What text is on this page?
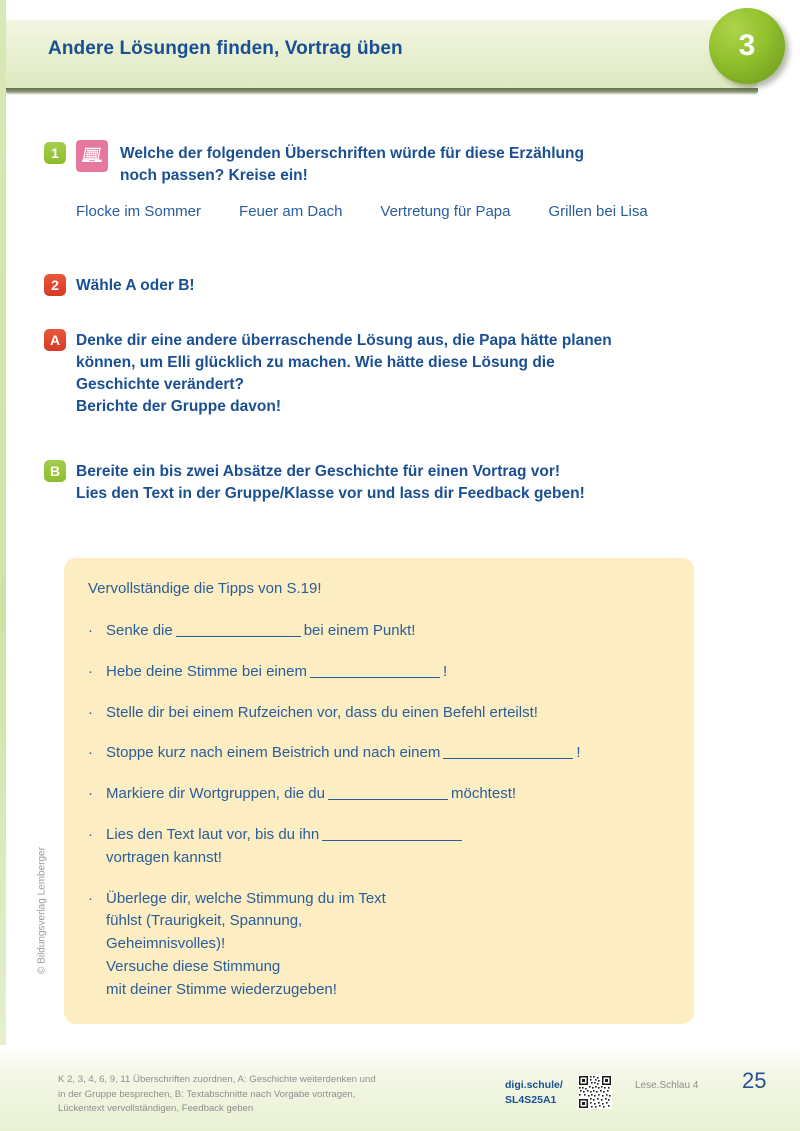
Andere Lösungen finden, Vortrag üben	3
1	Welche der folgenden Überschriften würde für diese Erzählung
noch passen? Kreise ein!
Flocke im Sommer	Feuer am Dach	Vertretung für Papa	Grillen bei Lisa
2 Wähle A oder B!
A Denke dir eine andere überraschende Lösung aus, die Papa hätte planen
können, um Elli glücklich zu machen. Wie hätte diese Lösung die
Geschichte verändert?
Berichte der Gruppe davon!
B Bereite ein bis zwei Absätze der Geschichte für einen Vortrag vor!
Lies den Text in der Gruppe/Klasse vor und lass dir Feedback geben!
Vervollständige die Tipps von S.19!
· Senke die	bei einem Punkt!
· Hebe deine Stimme bei einem	!
· Stelle dir bei einem Rufzeichen vor, dass du einen Befehl erteilst!
· Stoppe kurz nach einem Beistrich und nach einem	!
· Markiere dir Wortgruppen, die du	möchtest!
· Lies den Text laut vor, bis du ihn
vortragen kannst!
· Überlege dir, welche Stimmung du im Text
fühlst (Traurigkeit, Spannung,
Geheimnisvolles)!
Versuche diese Stimmung
mit deiner Stimme wiederzugeben!
© Bildungsverlag Lemberger
K 2, 3, 4, 6, 9, 11 Überschriften zuordnen, A: Geschichte weiterdenken und
in der Gruppe besprechen, B: Textabschnitte nach Vorgabe vortragen,
Lückentext vervollständigen, Feedback geben
digi.schule/
SL4S25A1
Lese.Schlau 4 25
